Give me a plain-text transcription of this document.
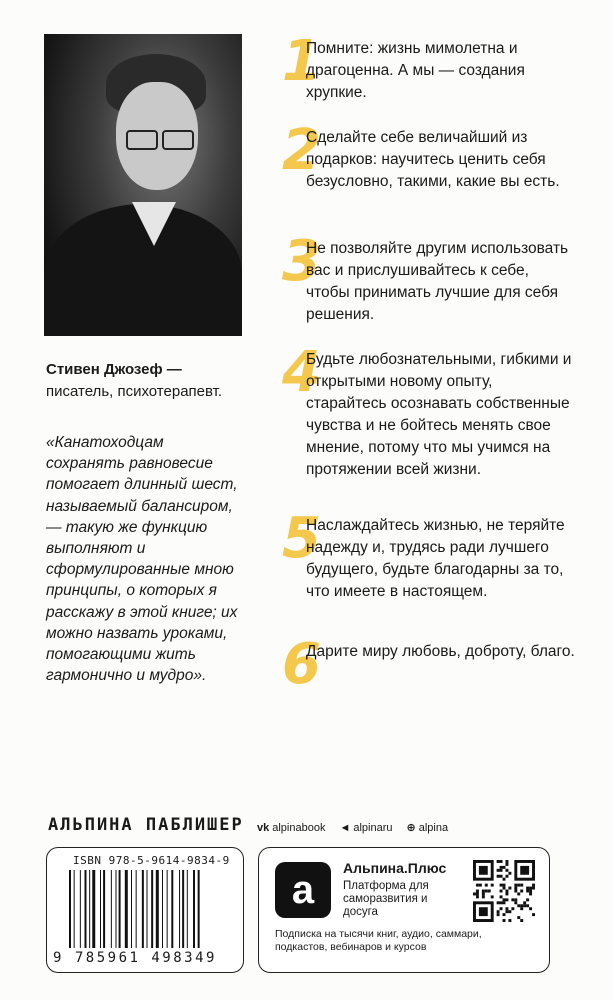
Стивен Джозеф —
писатель, психотерапевт.
«Канатоходцам сохранять равновесие помогает длинный шест, называемый балансиром, — такую же функцию выполняют и сформулированные мною принципы, о которых я расскажу в этой книге; их можно назвать уроками, помогающими жить гармонично и мудро».
1
Помните: жизнь мимолетна и драгоценна. А мы — создания хрупкие.
2
Сделайте себе величайший из подарков: научитесь ценить себя безусловно, такими, какие вы есть.
3
Не позволяйте другим использовать вас и прислушивайтесь к себе, чтобы принимать лучшие для себя решения.
4
Будьте любознательными, гибкими и открытыми новому опыту, старайтесь осознавать собственные чувства и не бойтесь менять свое мнение, потому что мы учимся на протяжении всей жизни.
5
Наслаждайтесь жизнью, не теряйте надежду и, трудясь ради лучшего будущего, будьте благодарны за то, что имеете в настоящем.
6
Дарите миру любовь, доброту, благо.
АЛЬПИНА ПАБЛИШЕР vk alpinabook ◄ alpinaru ⊕ alpina
ISBN 978-5-9614-9834-9
9 785961 498349
a	Альпина.Плюс
Платформа для саморазвития и досуга
Подписка на тысячи книг, аудио, саммари, подкастов, вебинаров и курсов
